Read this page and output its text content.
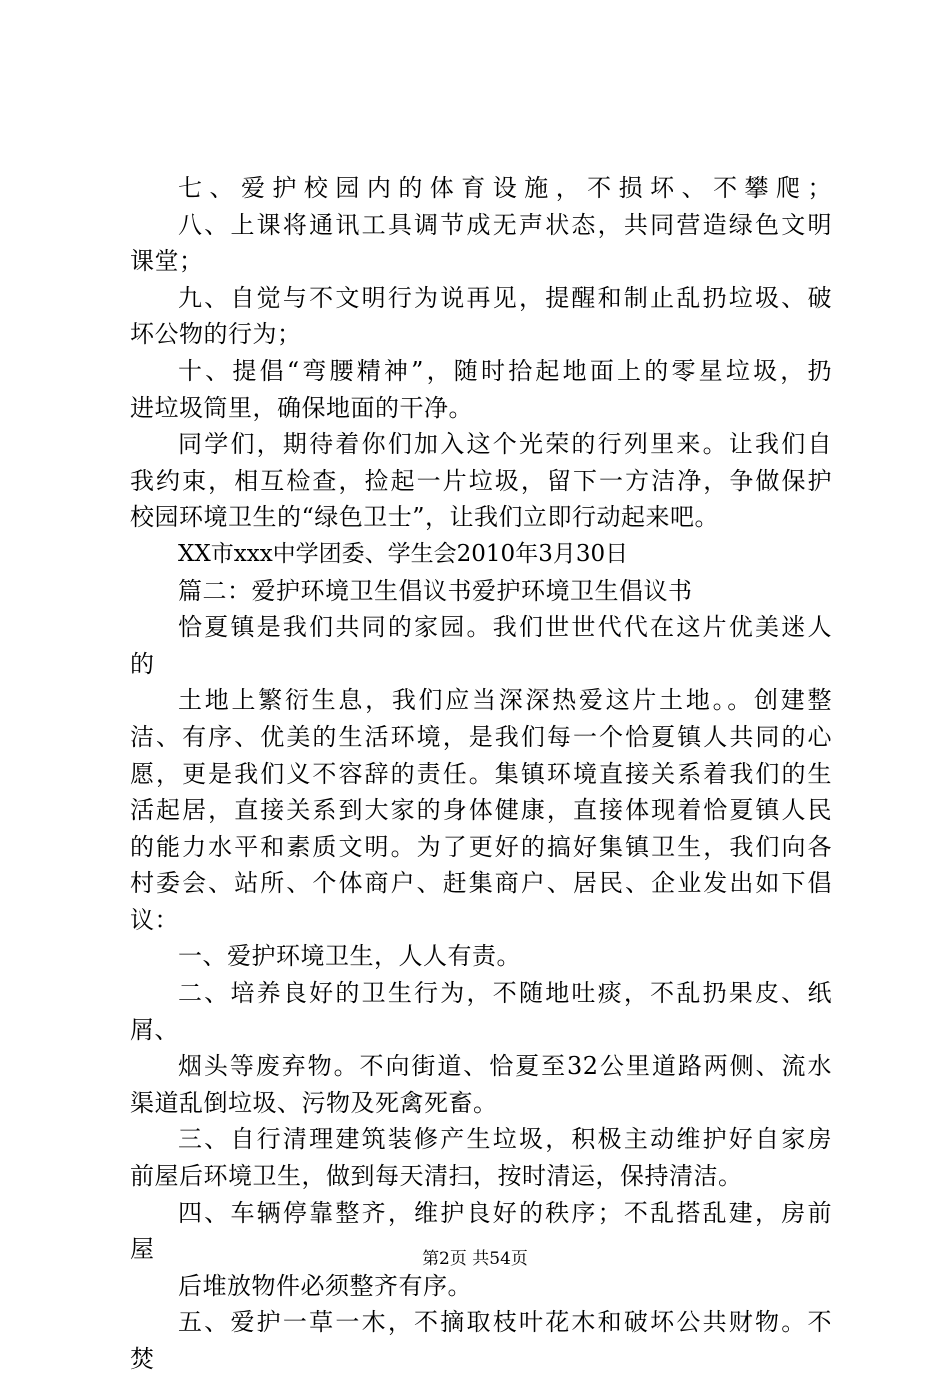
七、爱护校园内的体育设施，不损坏、不攀爬；
八、上课将通讯工具调节成无声状态，共同营造绿色文明
课堂；
九、自觉与不文明行为说再见，提醒和制止乱扔垃圾、破
坏公物的行为；
十、提倡“弯腰精神”，随时拾起地面上的零星垃圾，扔
进垃圾筒里，确保地面的干净。
同学们，期待着你们加入这个光荣的行列里来。让我们自
我约束，相互检查，捡起一片垃圾，留下一方洁净，争做保护
校园环境卫生的“绿色卫士”，让我们立即行动起来吧。
XX市xxx中学团委、学生会2010年3月30日
篇二：爱护环境卫生倡议书爱护环境卫生倡议书
恰夏镇是我们共同的家园。我们世世代代在这片优美迷人
的
土地上繁衍生息，我们应当深深热爱这片土地。。创建整
洁、有序、优美的生活环境，是我们每一个恰夏镇人共同的心
愿，更是我们义不容辞的责任。集镇环境直接关系着我们的生
活起居，直接关系到大家的身体健康，直接体现着恰夏镇人民
的能力水平和素质文明。为了更好的搞好集镇卫生，我们向各
村委会、站所、个体商户、赶集商户、居民、企业发出如下倡
议：
一、爱护环境卫生，人人有责。
二、培养良好的卫生行为，不随地吐痰，不乱扔果皮、纸
屑、
烟头等废弃物。不向街道、恰夏至32公里道路两侧、流水
渠道乱倒垃圾、污物及死禽死畜。
三、自行清理建筑装修产生垃圾，积极主动维护好自家房
前屋后环境卫生，做到每天清扫，按时清运，保持清洁。
四、车辆停靠整齐，维护良好的秩序；不乱搭乱建，房前
屋
后堆放物件必须整齐有序。
五、爱护一草一木，不摘取枝叶花木和破坏公共财物。不
焚
第2页 共54页
